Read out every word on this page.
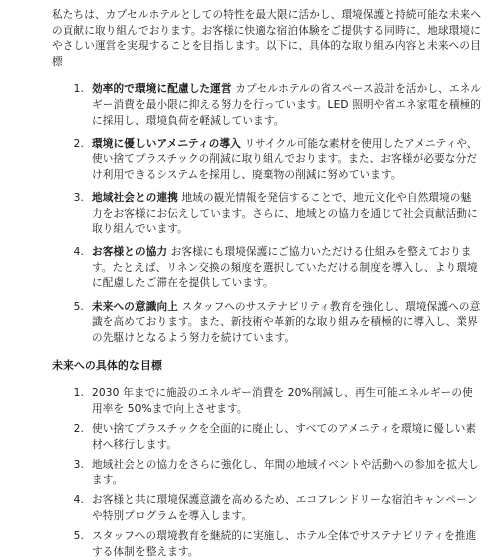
私たちは、カプセルホテルとしての特性を最大限に活かし、環境保護と持続可能な未来への貢献に取り組んでおります。お客様に快適な宿泊体験をご提供する同時に、地球環境にやさしい運営を実現することを目指します。以下に、具体的な取り組み内容と未来への目標

1. 効率的で環境に配慮した運営 カプセルホテルの省スペース設計を活かし、エネルギー消費を最小限に抑える努力を行っています。LED 照明や省エネ家電を積極的に採用し、環境負荷を軽減しています。
2. 環境に優しいアメニティの導入 リサイクル可能な素材を使用したアメニティや、使い捨てプラスチックの削減に取り組んでおります。また、お客様が必要な分だけ利用できるシステムを採用し、廃棄物の削減に努めています。
3. 地域社会との連携 地域の観光情報を発信することで、地元文化や自然環境の魅力をお客様にお伝えしています。さらに、地域との協力を通じて社会貢献活動に取り組んでいます。
4. お客様との協力 お客様にも環境保護にご協力いただける仕組みを整えております。たとえば、リネン交換の頻度を選択していただける制度を導入し、より環境に配慮したご滞在を提供しています。
5. 未来への意識向上 スタッフへのサステナビリティ教育を強化し、環境保護への意識を高めております。また、新技術や革新的な取り組みを積極的に導入し、業界の先駆けとなるよう努力を続けています。
未来への具体的な目標
1. 2030 年までに施設のエネルギー消費を 20%削減し、再生可能エネルギーの使用率を 50%まで向上させます。
2. 使い捨てプラスチックを全面的に廃止し、すべてのアメニティを環境に優しい素材へ移行します。
3. 地域社会との協力をさらに強化し、年間の地域イベントや活動への参加を拡大します。
4. お客様と共に環境保護意識を高めるため、エコフレンドリーな宿泊キャンペーンや特別プログラムを導入します。
5. スタッフへの環境教育を継続的に実施し、ホテル全体でサステナビリティを推進する体制を整えます。
